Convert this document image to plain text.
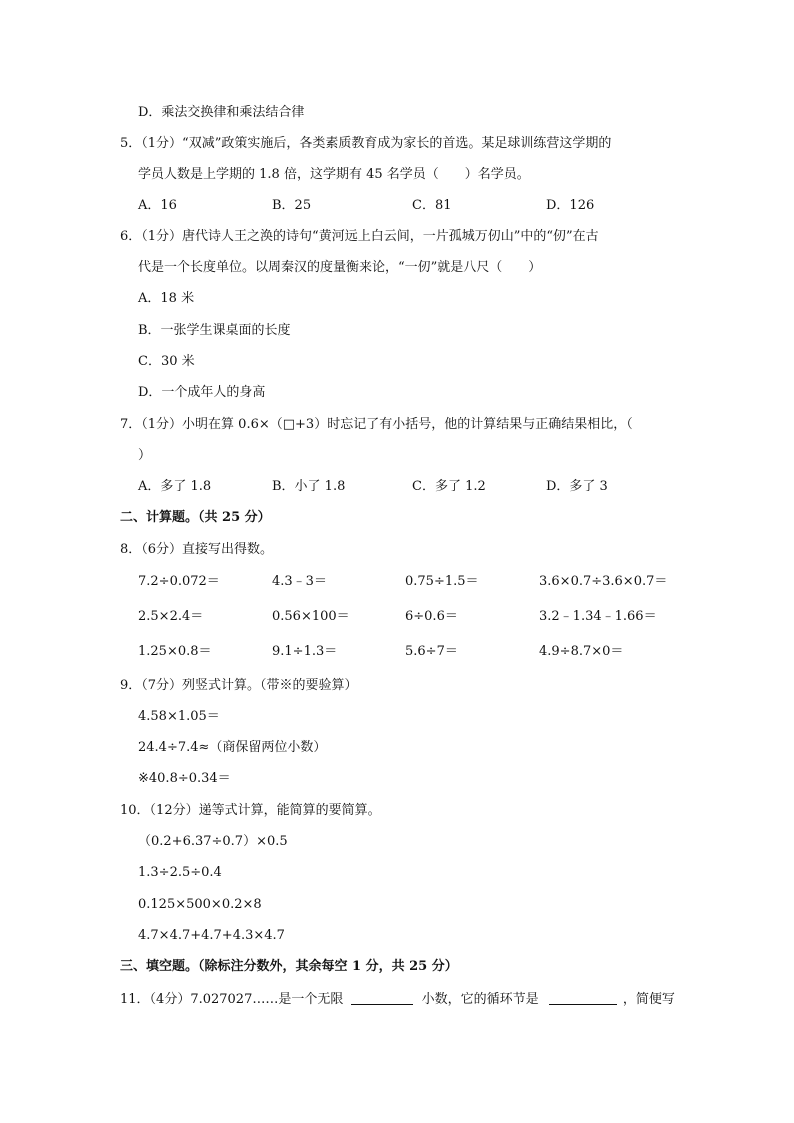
D．乘法交换律和乘法结合律
5．（1分）“双减”政策实施后，各类素质教育成为家长的首选。某足球训练营这学期的
学员人数是上学期的 1.8 倍，这学期有 45 名学员（　　）名学员。
A．16	B．25	C．81	D．126
6．（1分）唐代诗人王之涣的诗句“黄河远上白云间，一片孤城万仞山”中的“仞”在古
代是一个长度单位。以周秦汉的度量衡来论，“一仞”就是八尺（　　）
A．18 米
B．一张学生课桌面的长度
C．30 米
D．一个成年人的身高
7．（1分）小明在算 0.6×（□+3）时忘记了有小括号，他的计算结果与正确结果相比，（
）
A．多了 1.8	B．小了 1.8	C．多了 1.2	D．多了 3
二、计算题。（共 25 分）
8．（6分）直接写出得数。
7.2÷0.072＝	4.3﹣3＝	0.75÷1.5＝	3.6×0.7÷3.6×0.7＝
2.5×2.4＝	0.56×100＝	6÷0.6＝	3.2﹣1.34﹣1.66＝
1.25×0.8＝	9.1÷1.3＝	5.6÷7＝	4.9÷8.7×0＝
9．（7分）列竖式计算。（带※的要验算）
4.58×1.05＝
24.4÷7.4≈（商保留两位小数）
※40.8÷0.34＝
10．（12分）递等式计算，能简算的要简算。
（0.2+6.37÷0.7）×0.5
1.3÷2.5÷0.4
0.125×500×0.2×8
4.7×4.7+4.7+4.3×4.7
三、填空题。（除标注分数外，其余每空 1 分，共 25 分）
11．（4分）7.027027……是一个无限	小数，它的循环节是	，简便写
